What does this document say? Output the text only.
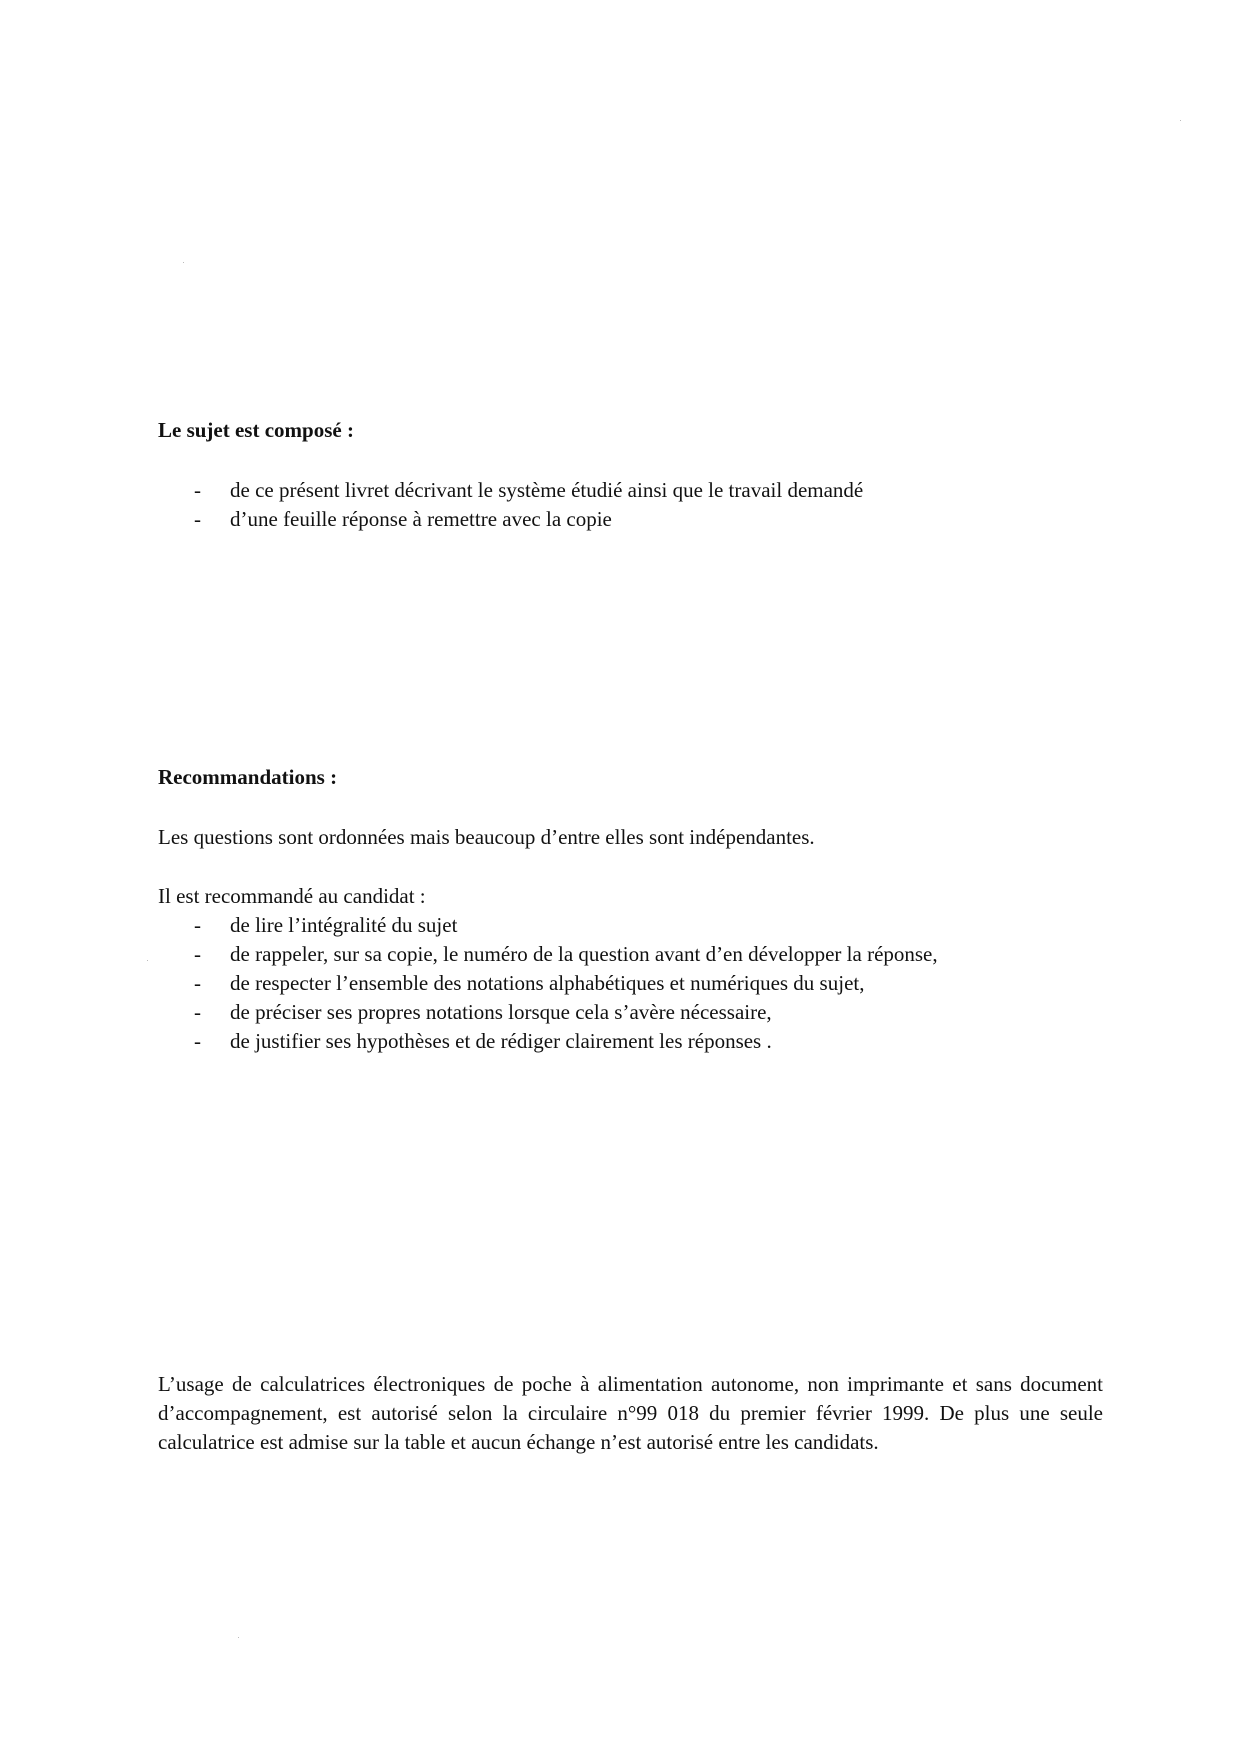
Le sujet est composé :
- de ce présent livret décrivant le système étudié ainsi que le travail demandé
- d’une feuille réponse à remettre avec la copie
Recommandations :

Les questions sont ordonnées mais beaucoup d’entre elles sont indépendantes.

Il est recommandé au candidat :

- de lire l’intégralité du sujet
- de rappeler, sur sa copie, le numéro de la question avant d’en développer la réponse,
- de respecter l’ensemble des notations alphabétiques et numériques du sujet,
- de préciser ses propres notations lorsque cela s’avère nécessaire,
- de justifier ses hypothèses et de rédiger clairement les réponses .

L’usage de calculatrices électroniques de poche à alimentation autonome, non imprimante et sans document d’accompagnement, est autorisé selon la circulaire n°99 018 du premier février 1999. De plus une seule calculatrice est admise sur la table et aucun échange n’est autorisé entre les candidats.
